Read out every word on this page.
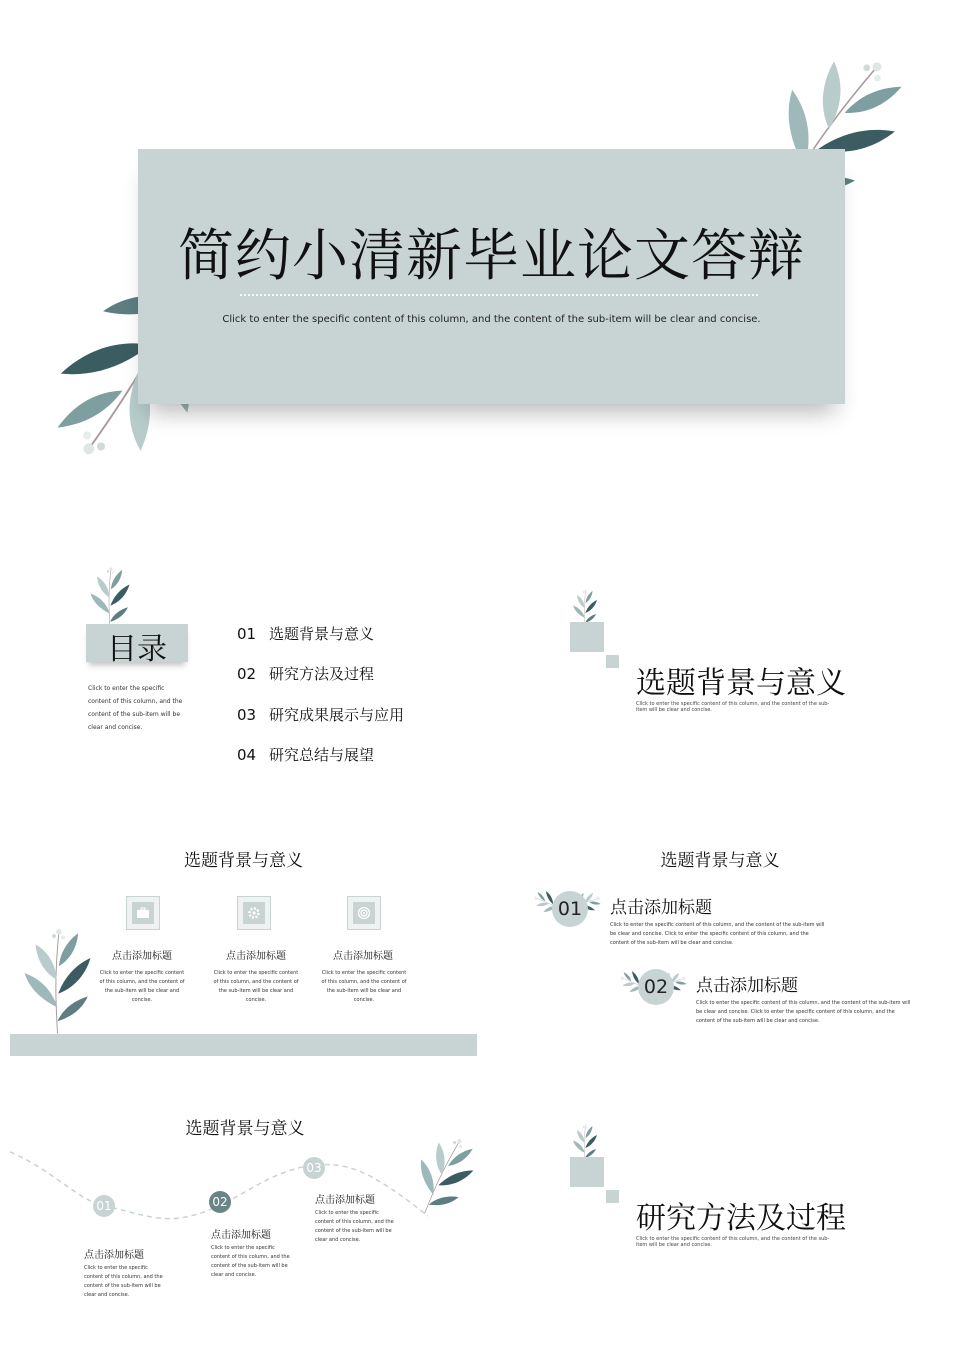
简约小清新毕业论文答辩
Click to enter the specific content of this column, and the content of the sub-item will be clear and concise.
目录
Click to enter the specific content of this column, and the content of the sub-item will be clear and concise.
01 选题背景与意义
02 研究方法及过程
03 研究成果展示与应用
04 研究总结与展望
选题背景与意义
Click to enter the specific content of this column, and the content of the sub-item will be clear and concise.
选题背景与意义
点击添加标题
Click to enter the specific content of this column, and the content of the sub-item will be clear and concise.
点击添加标题
Click to enter the specific content of this column, and the content of the sub-item will be clear and concise.
点击添加标题
Click to enter the specific content of this column, and the content of the sub-item will be clear and concise.
选题背景与意义
01	点击添加标题
Click to enter the specific content of this column, and the content of the sub-item will be clear and concise. Click to enter the specific content of this column, and the content of the sub-item will be clear and concise.
02	点击添加标题
Click to enter the specific content of this column, and the content of the sub-item will be clear and concise. Click to enter the specific content of this column, and the content of the sub-item will be clear and concise.
选题背景与意义
01
点击添加标题
Click to enter the specific content of this column, and the content of the sub-item will be clear and concise.
02
点击添加标题
Click to enter the specific content of this column, and the content of the sub-item will be clear and concise.
03
点击添加标题
Click to enter the specific content of this column, and the content of the sub-item will be clear and concise.
研究方法及过程
Click to enter the specific content of this column, and the content of the sub-item will be clear and concise.
